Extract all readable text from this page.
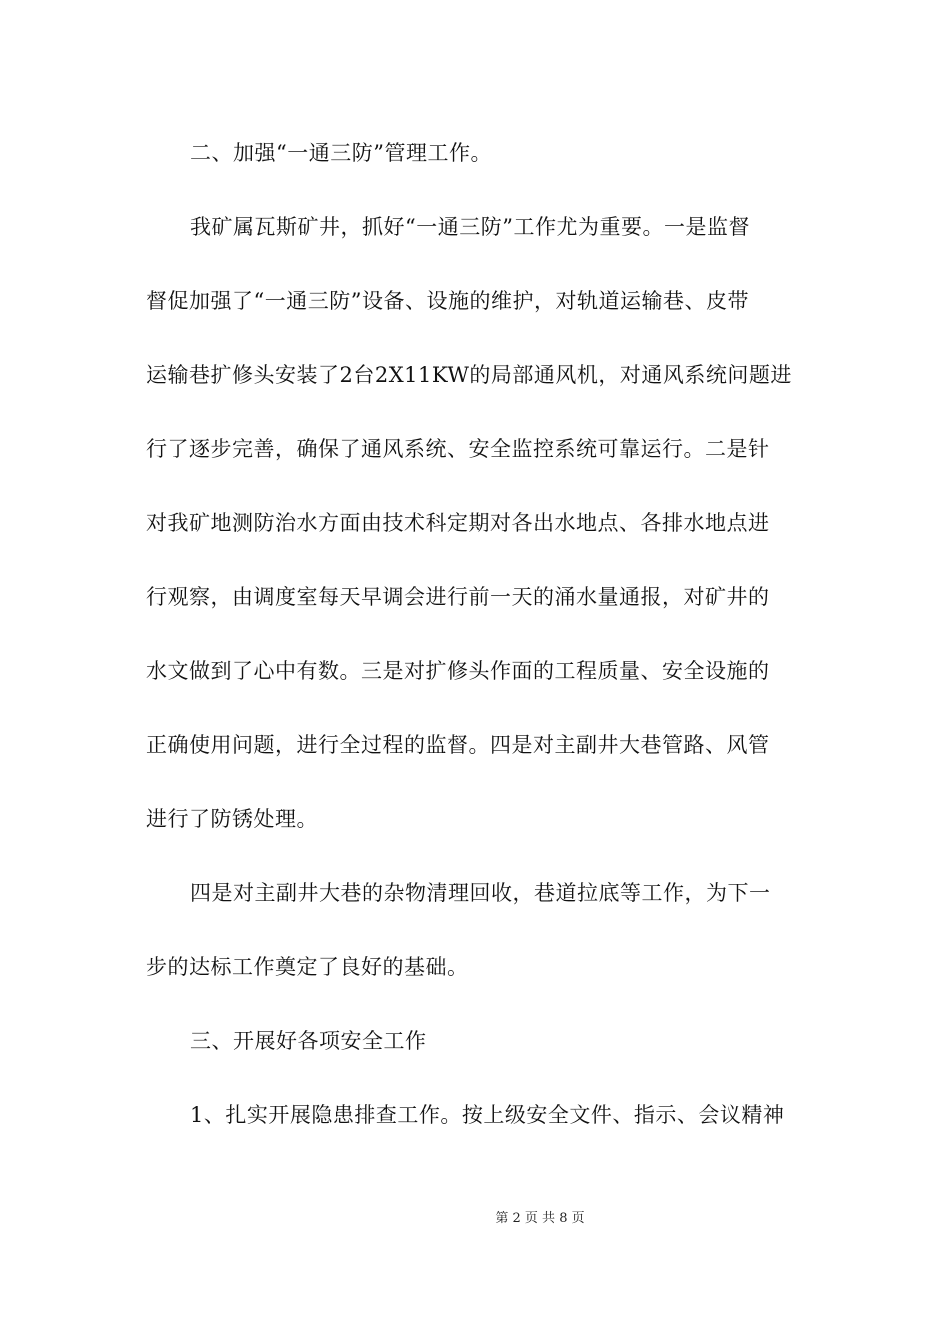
二、加强“一通三防”管理工作。
我矿属瓦斯矿井，抓好“一通三防”工作尤为重要。一是监督
督促加强了“一通三防”设备、设施的维护，对轨道运输巷、皮带
运输巷扩修头安装了2台2X11KW的局部通风机，对通风系统问题进
行了逐步完善，确保了通风系统、安全监控系统可靠运行。二是针
对我矿地测防治水方面由技术科定期对各出水地点、各排水地点进
行观察，由调度室每天早调会进行前一天的涌水量通报，对矿井的
水文做到了心中有数。三是对扩修头作面的工程质量、安全设施的
正确使用问题，进行全过程的监督。四是对主副井大巷管路、风管
进行了防锈处理。
四是对主副井大巷的杂物清理回收，巷道拉底等工作，为下一
步的达标工作奠定了良好的基础。
三、开展好各项安全工作
1、扎实开展隐患排查工作。按上级安全文件、指示、会议精神
第 2 页 共 8 页
